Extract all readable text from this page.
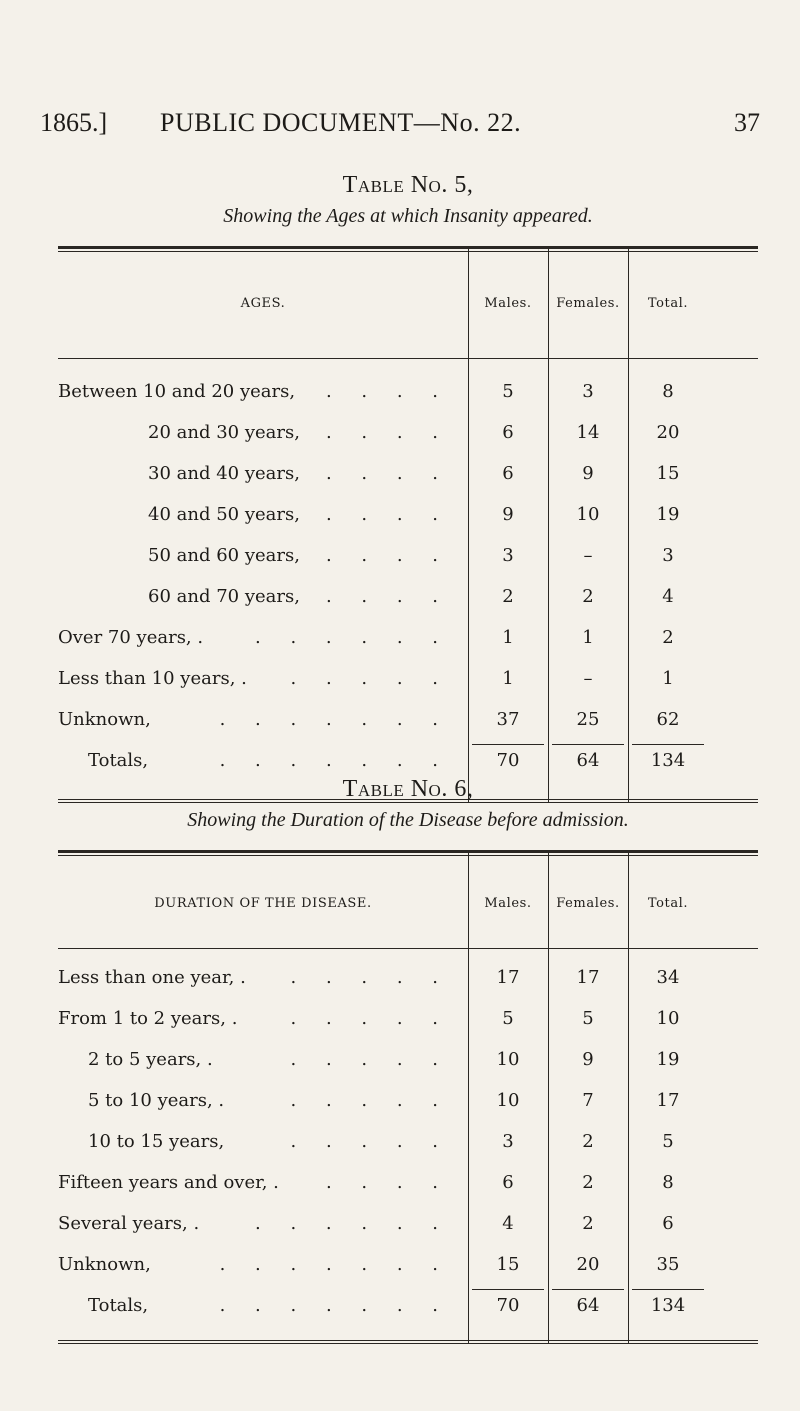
1865.] PUBLIC DOCUMENT—No. 22.	37
Table No. 5,
Showing the Ages at which Insanity appeared.
AGES.	Males.	Females.	Total.
Between 10 and 20 years, . . . .	5	3	8
20 and 30 years, . . . .	6	14	20
30 and 40 years, . . . .	6	9	15
40 and 50 years, . . . .	9	10	19
50 and 60 years, . . . .	3	–	3
60 and 70 years, . . . .	2	2	4
Over 70 years, .	. . . . . .	1	1	2
Less than 10 years, . . . . . .	1	–	1
Unknown,	. . . . . . .	37	25	62
Totals,	. . . . . . .	70	64	134
Table No. 6,
Showing the Duration of the Disease before admission.
DURATION OF THE DISEASE.	Males.	Females.	Total.
Less than one year, . . . . . .	17	17	34
From 1 to 2 years, .	. . . . .	5	5	10
2 to 5 years, .	. . . . .	10	9	19
5 to 10 years, .	. . . . .	10	7	17
10 to 15 years,	. . . . .	3	2	5
Fifteen years and over, .	. . . .	6	2	8
Several years, .	. . . . . .	4	2	6
Unknown,	. . . . . . .	15	20	35
Totals,	. . . . . . .	70	64	134
